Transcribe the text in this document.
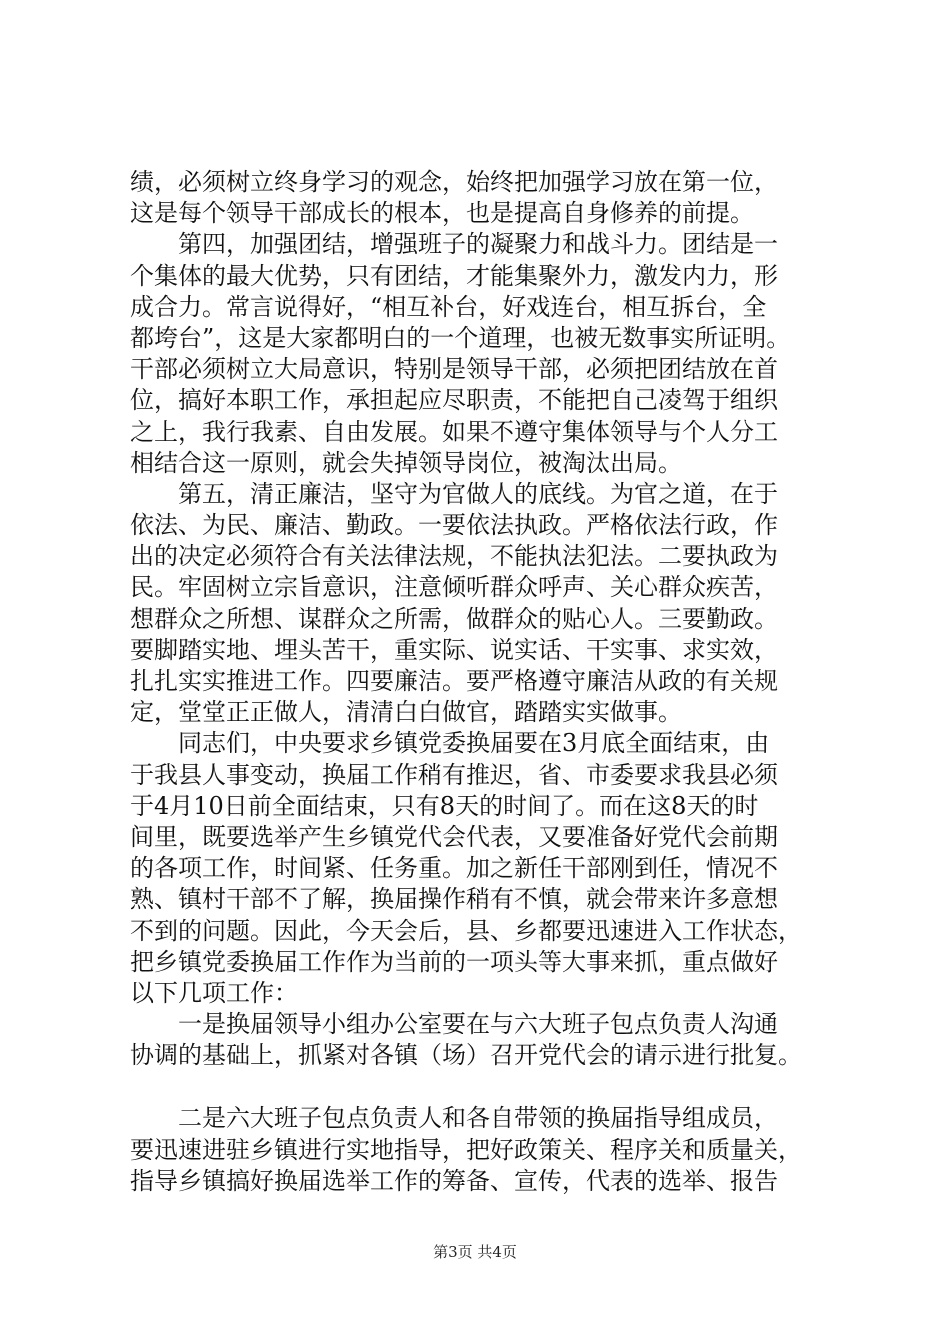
绩，必须树立终身学习的观念，始终把加强学习放在第一位，
这是每个领导干部成长的根本，也是提高自身修养的前提。
　　第四，加强团结，增强班子的凝聚力和战斗力。团结是一
个集体的最大优势，只有团结，才能集聚外力，激发内力，形
成合力。常言说得好，“相互补台，好戏连台，相互拆台，全
都垮台”，这是大家都明白的一个道理，也被无数事实所证明。
干部必须树立大局意识，特别是领导干部，必须把团结放在首
位，搞好本职工作，承担起应尽职责，不能把自己凌驾于组织
之上，我行我素、自由发展。如果不遵守集体领导与个人分工
相结合这一原则，就会失掉领导岗位，被淘汰出局。
　　第五，清正廉洁，坚守为官做人的底线。为官之道，在于
依法、为民、廉洁、勤政。一要依法执政。严格依法行政，作
出的决定必须符合有关法律法规，不能执法犯法。二要执政为
民。牢固树立宗旨意识，注意倾听群众呼声、关心群众疾苦，
想群众之所想、谋群众之所需，做群众的贴心人。三要勤政。
要脚踏实地、埋头苦干，重实际、说实话、干实事、求实效，
扎扎实实推进工作。四要廉洁。要严格遵守廉洁从政的有关规
定，堂堂正正做人，清清白白做官，踏踏实实做事。
　　同志们，中央要求乡镇党委换届要在3月底全面结束，由
于我县人事变动，换届工作稍有推迟，省、市委要求我县必须
于4月10日前全面结束，只有8天的时间了。而在这8天的时
间里，既要选举产生乡镇党代会代表，又要准备好党代会前期
的各项工作，时间紧、任务重。加之新任干部刚到任，情况不
熟、镇村干部不了解，换届操作稍有不慎，就会带来许多意想
不到的问题。因此，今天会后，县、乡都要迅速进入工作状态，
把乡镇党委换届工作作为当前的一项头等大事来抓，重点做好
以下几项工作：
　　一是换届领导小组办公室要在与六大班子包点负责人沟通
协调的基础上，抓紧对各镇（场）召开党代会的请示进行批复。
　　二是六大班子包点负责人和各自带领的换届指导组成员，
要迅速进驻乡镇进行实地指导，把好政策关、程序关和质量关，
指导乡镇搞好换届选举工作的筹备、宣传，代表的选举、报告
第3页 共4页
